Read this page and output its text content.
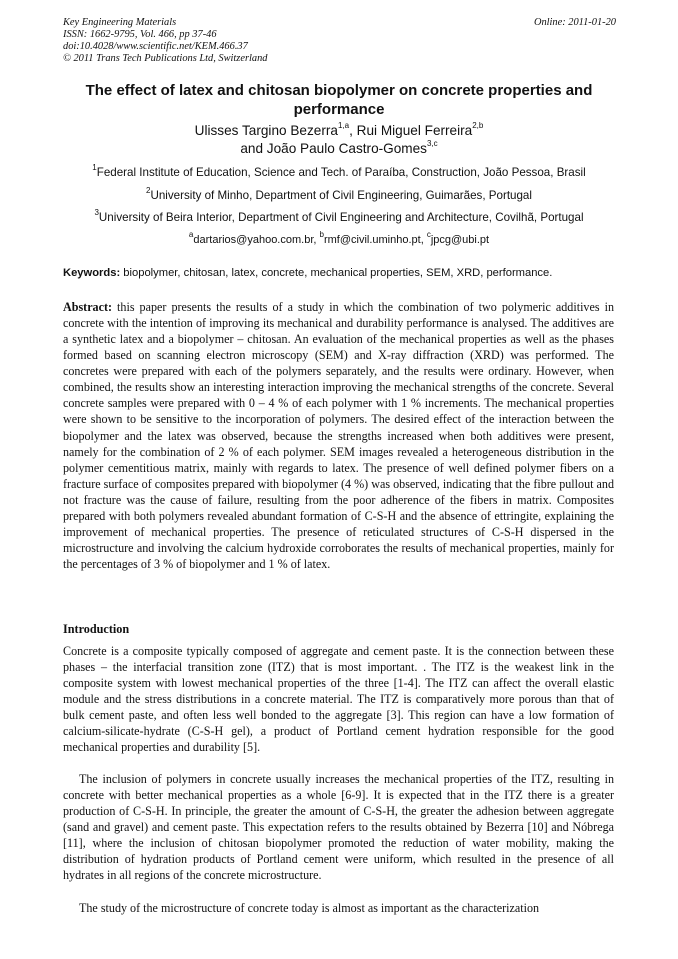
Key Engineering Materials
ISSN: 1662-9795, Vol. 466, pp 37-46
doi:10.4028/www.scientific.net/KEM.466.37
© 2011 Trans Tech Publications Ltd, Switzerland
Online: 2011-01-20
The effect of latex and chitosan biopolymer on concrete properties and performance
Ulisses Targino Bezerra$^{1,a}$, Rui Miguel Ferreira$^{2,b}$
and João Paulo Castro-Gomes$^{3,c}$
$^1$Federal Institute of Education, Science and Tech. of Paraíba, Construction, João Pessoa, Brasil
$^2$University of Minho, Department of Civil Engineering, Guimarães, Portugal
$^3$University of Beira Interior, Department of Civil Engineering and Architecture, Covilhã, Portugal
$^a$dartarios@yahoo.com.br, $^b$rmf@civil.uminho.pt, $^c$jpcg@ubi.pt
Keywords: biopolymer, chitosan, latex, concrete, mechanical properties, SEM, XRD, performance.
Abstract: this paper presents the results of a study in which the combination of two polymeric additives in concrete with the intention of improving its mechanical and durability performance is analysed. The additives are a synthetic latex and a biopolymer – chitosan. An evaluation of the mechanical properties as well as the phases formed based on scanning electron microscopy (SEM) and X-ray diffraction (XRD) was performed. The concretes were prepared with each of the polymers separately, and the results were ordinary. However, when combined, the results show an interesting interaction improving the mechanical strengths of the concrete. Several concrete samples were prepared with 0 – 4 % of each polymer with 1 % increments. The mechanical properties were shown to be sensitive to the incorporation of polymers. The desired effect of the interaction between the biopolymer and the latex was observed, because the strengths increased when both additives were present, namely for the combination of 2 % of each polymer. SEM images revealed a heterogeneous distribution in the polymer cementitious matrix, mainly with regards to latex. The presence of well defined polymer fibers on a fracture surface of composites prepared with biopolymer (4 %) was observed, indicating that the fibre pullout and not fracture was the cause of failure, resulting from the poor adherence of the fibers in matrix. Composites prepared with both polymers revealed abundant formation of C-S-H and the absence of ettringite, explaining the improvement of mechanical properties. The presence of reticulated structures of C-S-H dispersed in the microstructure and involving the calcium hydroxide corroborates the results of mechanical properties, mainly for the percentages of 3 % of biopolymer and 1 % of latex.
Introduction
Concrete is a composite typically composed of aggregate and cement paste. It is the connection between these phases – the interfacial transition zone (ITZ) that is most important. . The ITZ is the weakest link in the composite system with lowest mechanical properties of the three [1-4]. The ITZ can affect the overall elastic module and the stress distributions in a concrete material. The ITZ is comparatively more porous than that of bulk cement paste, and often less well bonded to the aggregate [3]. This region can have a low formation of calcium-silicate-hydrate (C-S-H gel), a product of Portland cement hydration responsible for the good mechanical properties and durability [5].
The inclusion of polymers in concrete usually increases the mechanical properties of the ITZ, resulting in concrete with better mechanical properties as a whole [6-9]. It is expected that in the ITZ there is a greater production of C-S-H. In principle, the greater the amount of C-S-H, the greater the adhesion between aggregate (sand and gravel) and cement paste. This expectation refers to the results obtained by Bezerra [10] and Nóbrega [11], where the inclusion of chitosan biopolymer promoted the reduction of water mobility, making the distribution of hydration products of Portland cement were uniform, which resulted in the presence of all hydrates in all regions of the concrete microstructure.
The study of the microstructure of concrete today is almost as important as the characterization
